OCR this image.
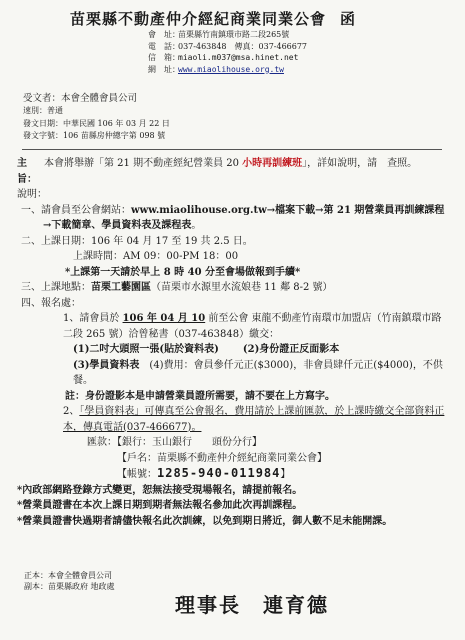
苗栗縣不動產仲介經紀商業同業公會 函
會　址：
苗栗縣竹南鎮環市路二段265號
電　話：
037-463848　傳真：037-466677
信　箱：
miaoli.m037@msa.hinet.net
網　址：
www.miaolihouse.org.tw
受文者：本會全體會員公司
速別：普通
發文日期：中華民國 106 年 03 月 22 日
發文字號：106 苗縣房仲總字第 098 號
主旨：
本會將舉辦「第 21 期不動產經紀營業員 20 小時再訓練班」，詳如說明，請　查照。
說明：
一、請會員至公會網站：www.miaolihouse.org.tw→檔案下載→第 21 期營業員再訓練課程→下載簡章、學員資料表及課程表。
二、上課日期：106 年 04 月 17 至 19 共 2.5 日。
上課時間：AM 09：00-PM 18：00
*上課第一天請於早上 8 時 40 分至會場做報到手續*
三、上課地點：苗栗工藝園區（苗栗市水源里水流娘巷 11 鄰 8-2 號）
四、報名處：
1、請會員於 106 年 04 月 10 前至公會 東龍不動產竹南環市加盟店（竹南鎮環市路二段 265 號）洽曾秘書（037-463848）繳交：
(1)二吋大頭照一張(貼於資料表) (2)身份證正反面影本
(3)學員資料表　 (4)費用：會員參仟元正($3000)，非會員肆仟元正($4000)，不供餐。
註：身份證影本是申請營業員證所需要，請不要在上方寫字。
2、「學員資料表」可傳真至公會報名，費用請於上課前匯款，於上課時繳交全部資料正本，傳真電話(037-466677)。
匯款：【銀行：玉山銀行　　頭份分行】
【戶名：苗栗縣不動產仲介經紀商業同業公會】
【帳號：1285-940-011984】
*內政部網路登錄方式變更，恕無法接受現場報名，請提前報名。
*營業員證書在本次上課日期到期者無法報名參加此次再訓課程。
*營業員證書快過期者請儘快報名此次訓練，以免到期日將近，御人數不足未能開課。
正本：本會全體會員公司
副本：苗栗縣政府 地政處
理事長　連育德
